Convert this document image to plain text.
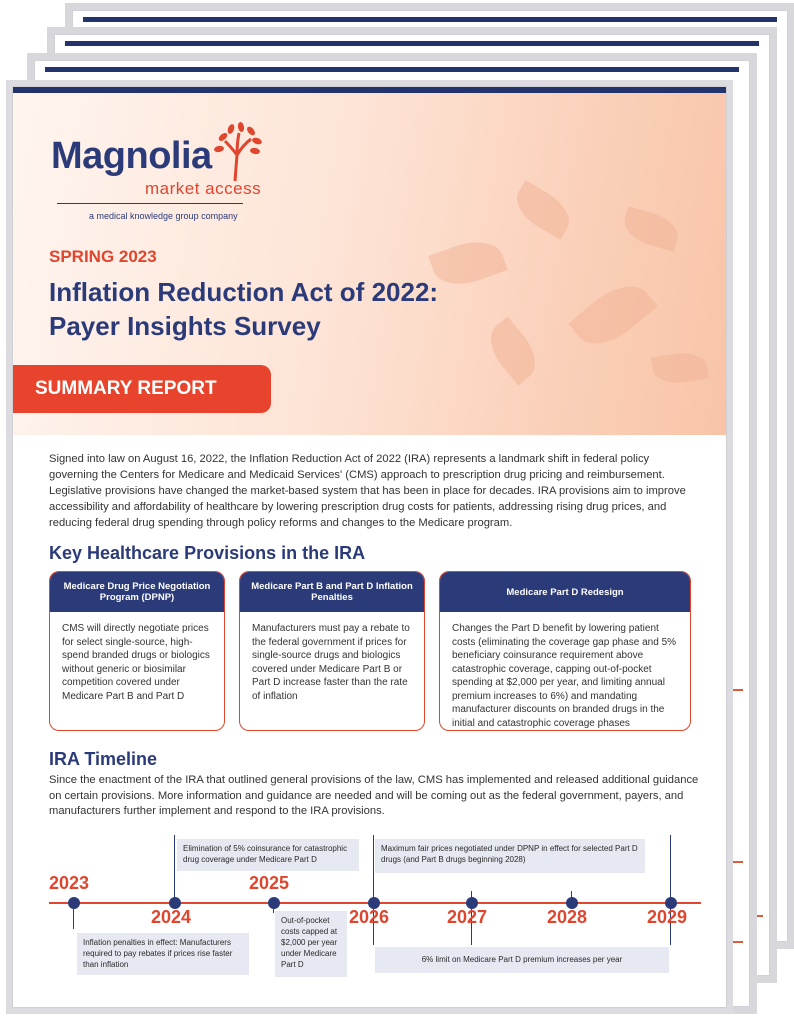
Magnolia
market access
a medical knowledge group company
SPRING 2023
Inflation Reduction Act of 2022:
Payer Insights Survey
SUMMARY REPORT
Signed into law on August 16, 2022, the Inflation Reduction Act of 2022 (IRA) represents a landmark shift in federal policy governing the Centers for Medicare and Medicaid Services' (CMS) approach to prescription drug pricing and reimbursement. Legislative provisions have changed the market-based system that has been in place for decades. IRA provisions aim to improve accessibility and affordability of healthcare by lowering prescription drug costs for patients, addressing rising drug prices, and reducing federal drug spending through policy reforms and changes to the Medicare program.
Key Healthcare Provisions in the IRA
Medicare Drug Price Negotiation Program (DPNP)
CMS will directly negotiate prices for select single-source, high-spend branded drugs or biologics without generic or biosimilar competition covered under Medicare Part B and Part D
Medicare Part B and Part D Inflation Penalties
Manufacturers must pay a rebate to the federal government if prices for single-source drugs and biologics covered under Medicare Part B or Part D increase faster than the rate of inflation
Medicare Part D Redesign
Changes the Part D benefit by lowering patient costs (eliminating the coverage gap phase and 5% beneficiary coinsurance requirement above catastrophic coverage, capping out-of-pocket spending at $2,000 per year, and limiting annual premium increases to 6%) and mandating manufacturer discounts on branded drugs in the initial and catastrophic coverage phases
IRA Timeline
Since the enactment of the IRA that outlined general provisions of the law, CMS has implemented and released additional guidance on certain provisions. More information and guidance are needed and will be coming out as the federal government, payers, and manufacturers further implement and respond to the IRA provisions.
2023
2024
2025
2026	2027	2028	2029
Inflation penalties in effect: Manufacturers required to pay rebates if prices rise faster than inflation
Elimination of 5% coinsurance for catastrophic drug coverage under Medicare Part D
Out-of-pocket costs capped at $2,000 per year under Medicare Part D
Maximum fair prices negotiated under DPNP in effect for selected Part D drugs (and Part B drugs beginning 2028)
6% limit on Medicare Part D premium increases per year
